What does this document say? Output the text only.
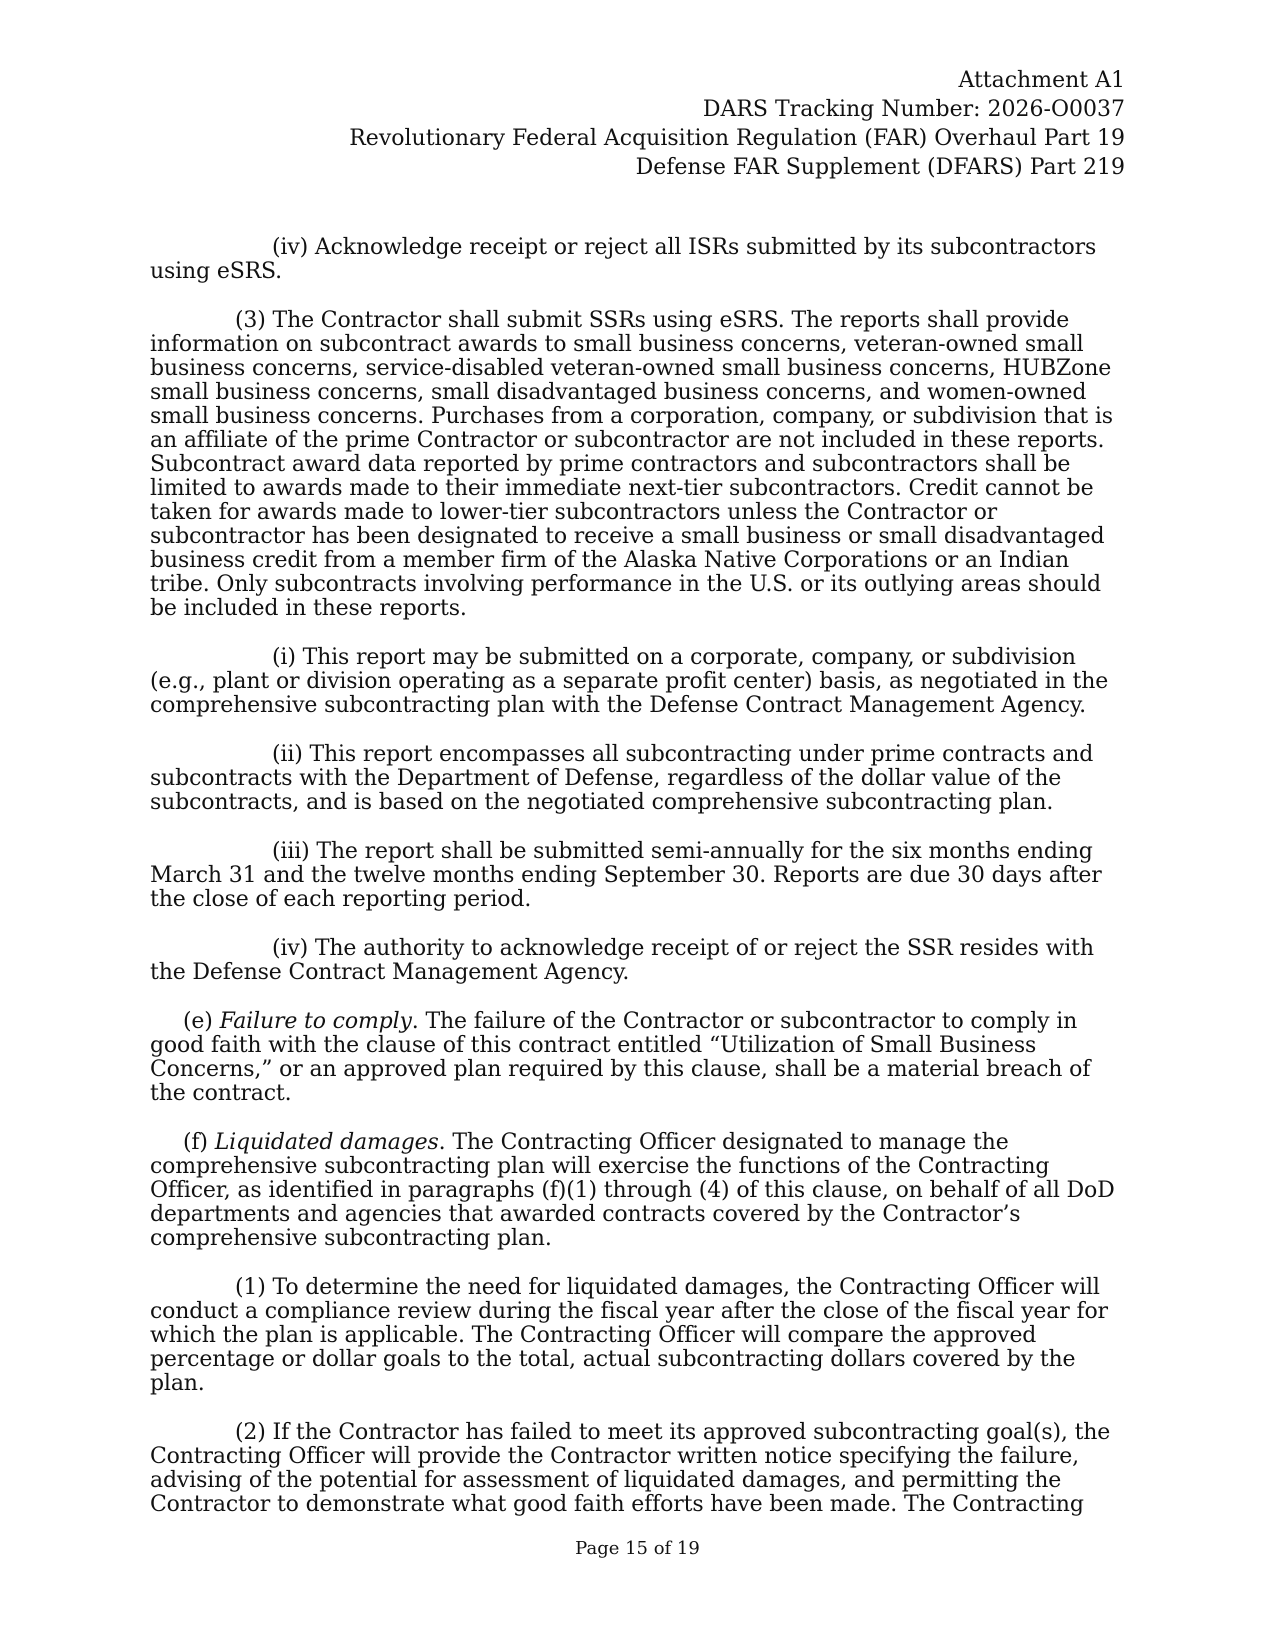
Attachment A1
DARS Tracking Number: 2026-O0037
Revolutionary Federal Acquisition Regulation (FAR) Overhaul Part 19
Defense FAR Supplement (DFARS) Part 219

(iv) Acknowledge receipt or reject all ISRs submitted by its subcontractors using eSRS.

(3) The Contractor shall submit SSRs using eSRS. The reports shall provide information on subcontract awards to small business concerns, veteran-owned small business concerns, service-disabled veteran-owned small business concerns, HUBZone small business concerns, small disadvantaged business concerns, and women-owned small business concerns. Purchases from a corporation, company, or subdivision that is an affiliate of the prime Contractor or subcontractor are not included in these reports. Subcontract award data reported by prime contractors and subcontractors shall be limited to awards made to their immediate next-tier subcontractors. Credit cannot be taken for awards made to lower-tier subcontractors unless the Contractor or subcontractor has been designated to receive a small business or small disadvantaged business credit from a member firm of the Alaska Native Corporations or an Indian tribe. Only subcontracts involving performance in the U.S. or its outlying areas should be included in these reports.

(i) This report may be submitted on a corporate, company, or subdivision (e.g., plant or division operating as a separate profit center) basis, as negotiated in the comprehensive subcontracting plan with the Defense Contract Management Agency.

(ii) This report encompasses all subcontracting under prime contracts and subcontracts with the Department of Defense, regardless of the dollar value of the subcontracts, and is based on the negotiated comprehensive subcontracting plan.

(iii) The report shall be submitted semi-annually for the six months ending March 31 and the twelve months ending September 30. Reports are due 30 days after the close of each reporting period.

(iv) The authority to acknowledge receipt of or reject the SSR resides with the Defense Contract Management Agency.

(e) Failure to comply. The failure of the Contractor or subcontractor to comply in good faith with the clause of this contract entitled “Utilization of Small Business Concerns,” or an approved plan required by this clause, shall be a material breach of the contract.

(f) Liquidated damages. The Contracting Officer designated to manage the comprehensive subcontracting plan will exercise the functions of the Contracting Officer, as identified in paragraphs (f)(1) through (4) of this clause, on behalf of all DoD departments and agencies that awarded contracts covered by the Contractor’s comprehensive subcontracting plan.

(1) To determine the need for liquidated damages, the Contracting Officer will conduct a compliance review during the fiscal year after the close of the fiscal year for which the plan is applicable. The Contracting Officer will compare the approved percentage or dollar goals to the total, actual subcontracting dollars covered by the plan.

(2) If the Contractor has failed to meet its approved subcontracting goal(s), the Contracting Officer will provide the Contractor written notice specifying the failure, advising of the potential for assessment of liquidated damages, and permitting the Contractor to demonstrate what good faith efforts have been made. The Contracting

Page 15 of 19
